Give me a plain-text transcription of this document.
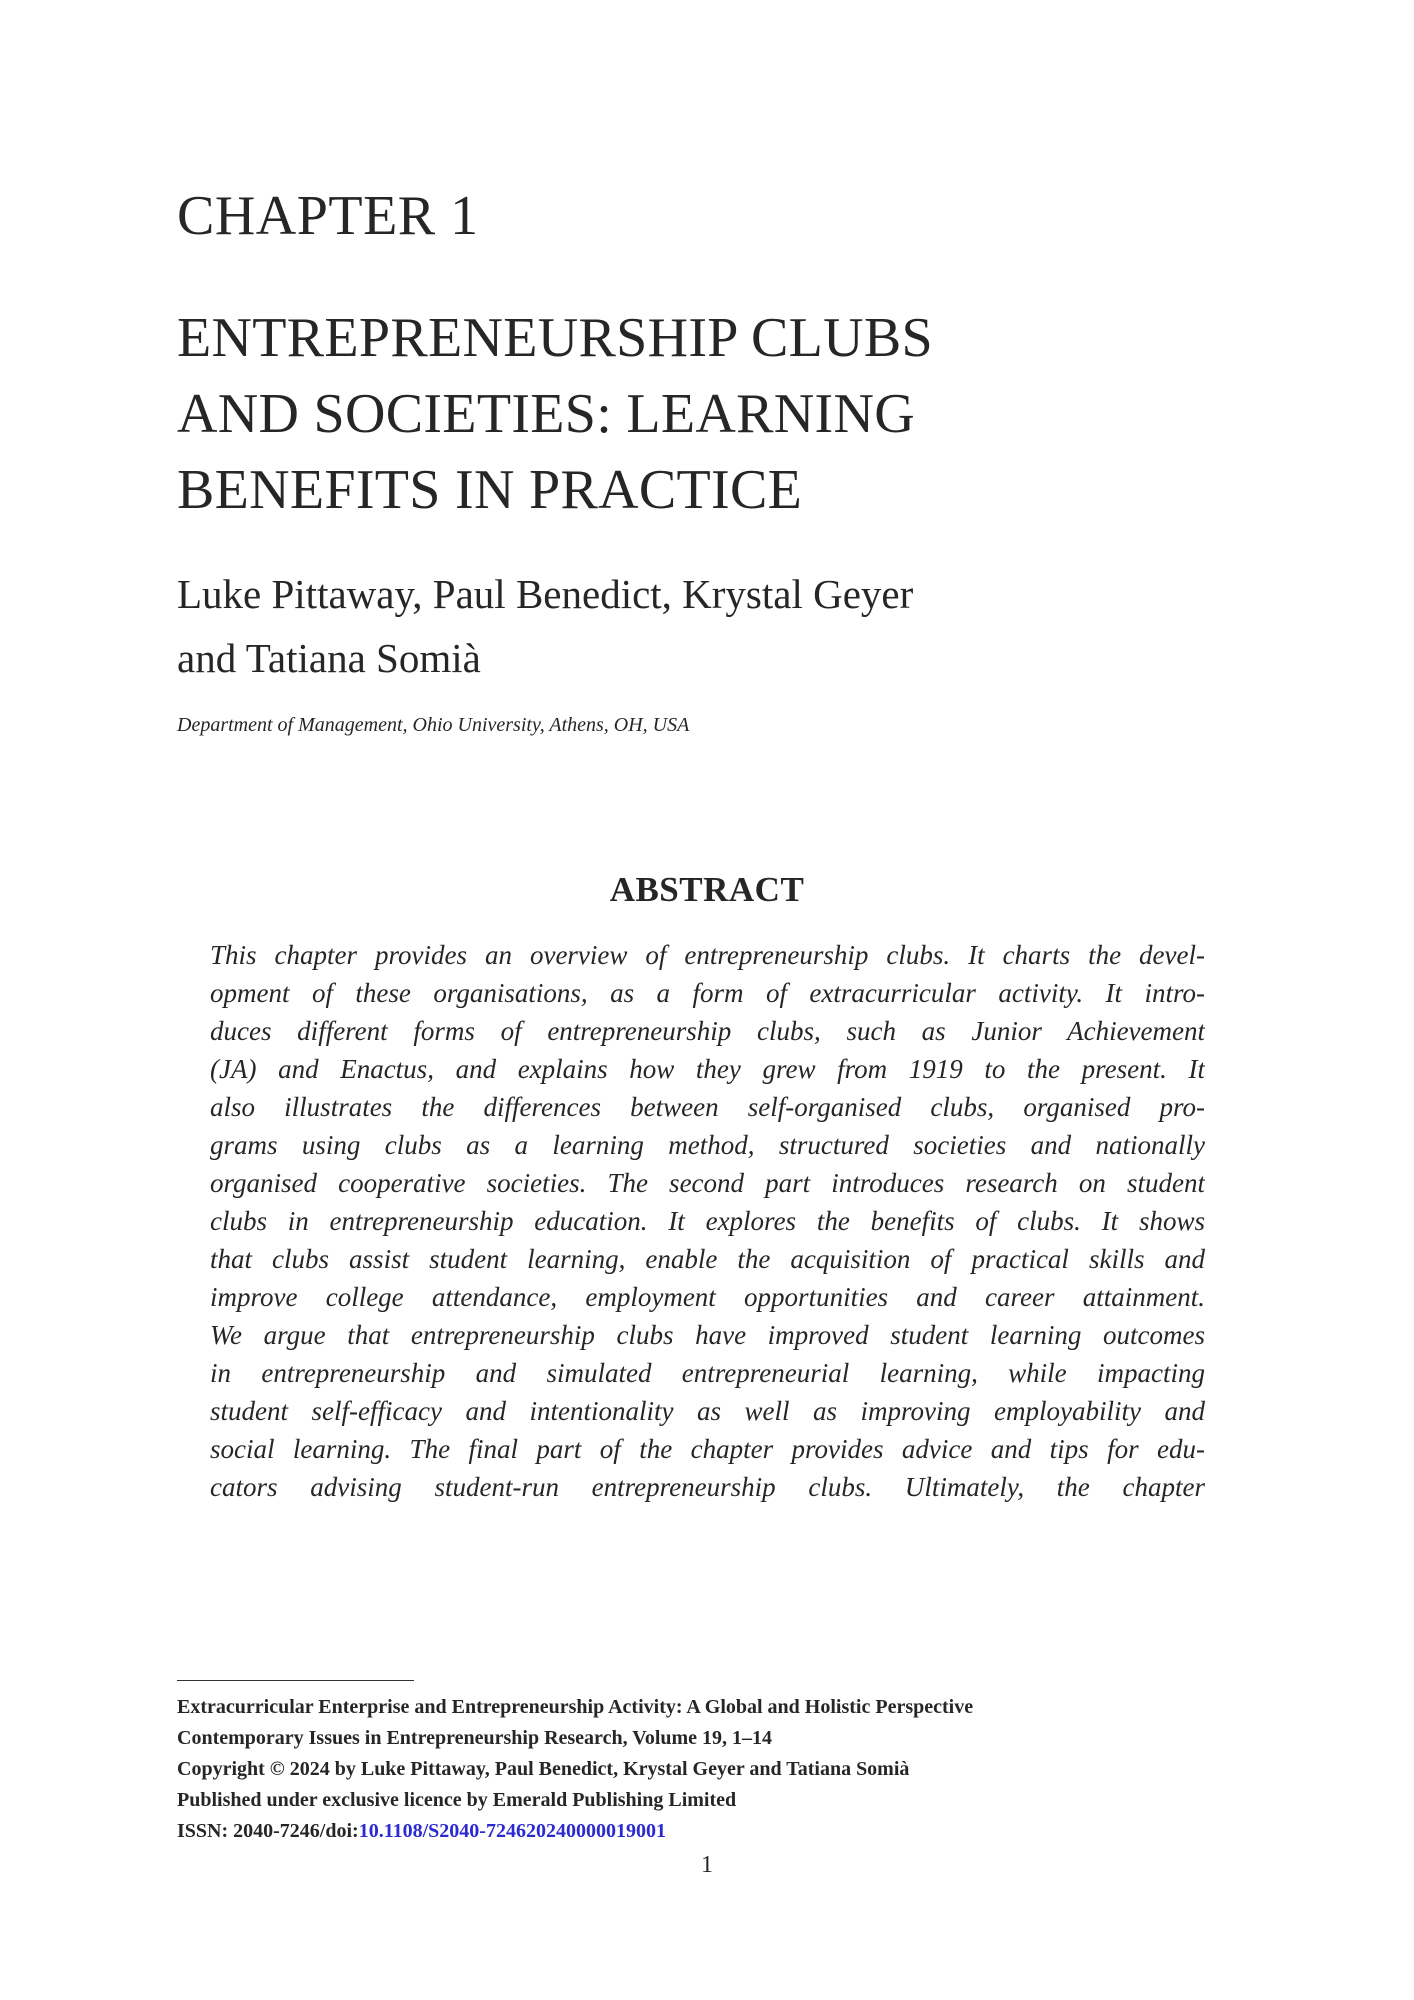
CHAPTER 1
ENTREPRENEURSHIP CLUBS
AND SOCIETIES: LEARNING
BENEFITS IN PRACTICE
Luke Pittaway, Paul Benedict, Krystal Geyer
and Tatiana Somià
Department of Management, Ohio University, Athens, OH, USA
ABSTRACT
This chapter provides an overview of entrepreneurship clubs. It charts the devel-
opment of these organisations, as a form of extracurricular activity. It intro-
duces different forms of entrepreneurship clubs, such as Junior Achievement
(JA) and Enactus, and explains how they grew from 1919 to the present. It
also illustrates the differences between self-organised clubs, organised pro-
grams using clubs as a learning method, structured societies and nationally
organised cooperative societies. The second part introduces research on student
clubs in entrepreneurship education. It explores the benefits of clubs. It shows
that clubs assist student learning, enable the acquisition of practical skills and
improve college attendance, employment opportunities and career attainment.
We argue that entrepreneurship clubs have improved student learning outcomes
in entrepreneurship and simulated entrepreneurial learning, while impacting
student self-efficacy and intentionality as well as improving employability and
social learning. The final part of the chapter provides advice and tips for edu-
cators advising student-run entrepreneurship clubs. Ultimately, the chapter
Extracurricular Enterprise and Entrepreneurship Activity: A Global and Holistic Perspective
Contemporary Issues in Entrepreneurship Research, Volume 19, 1–14
Copyright © 2024 by Luke Pittaway, Paul Benedict, Krystal Geyer and Tatiana Somià
Published under exclusive licence by Emerald Publishing Limited
ISSN: 2040-7246/doi:10.1108/S2040-724620240000019001
1
